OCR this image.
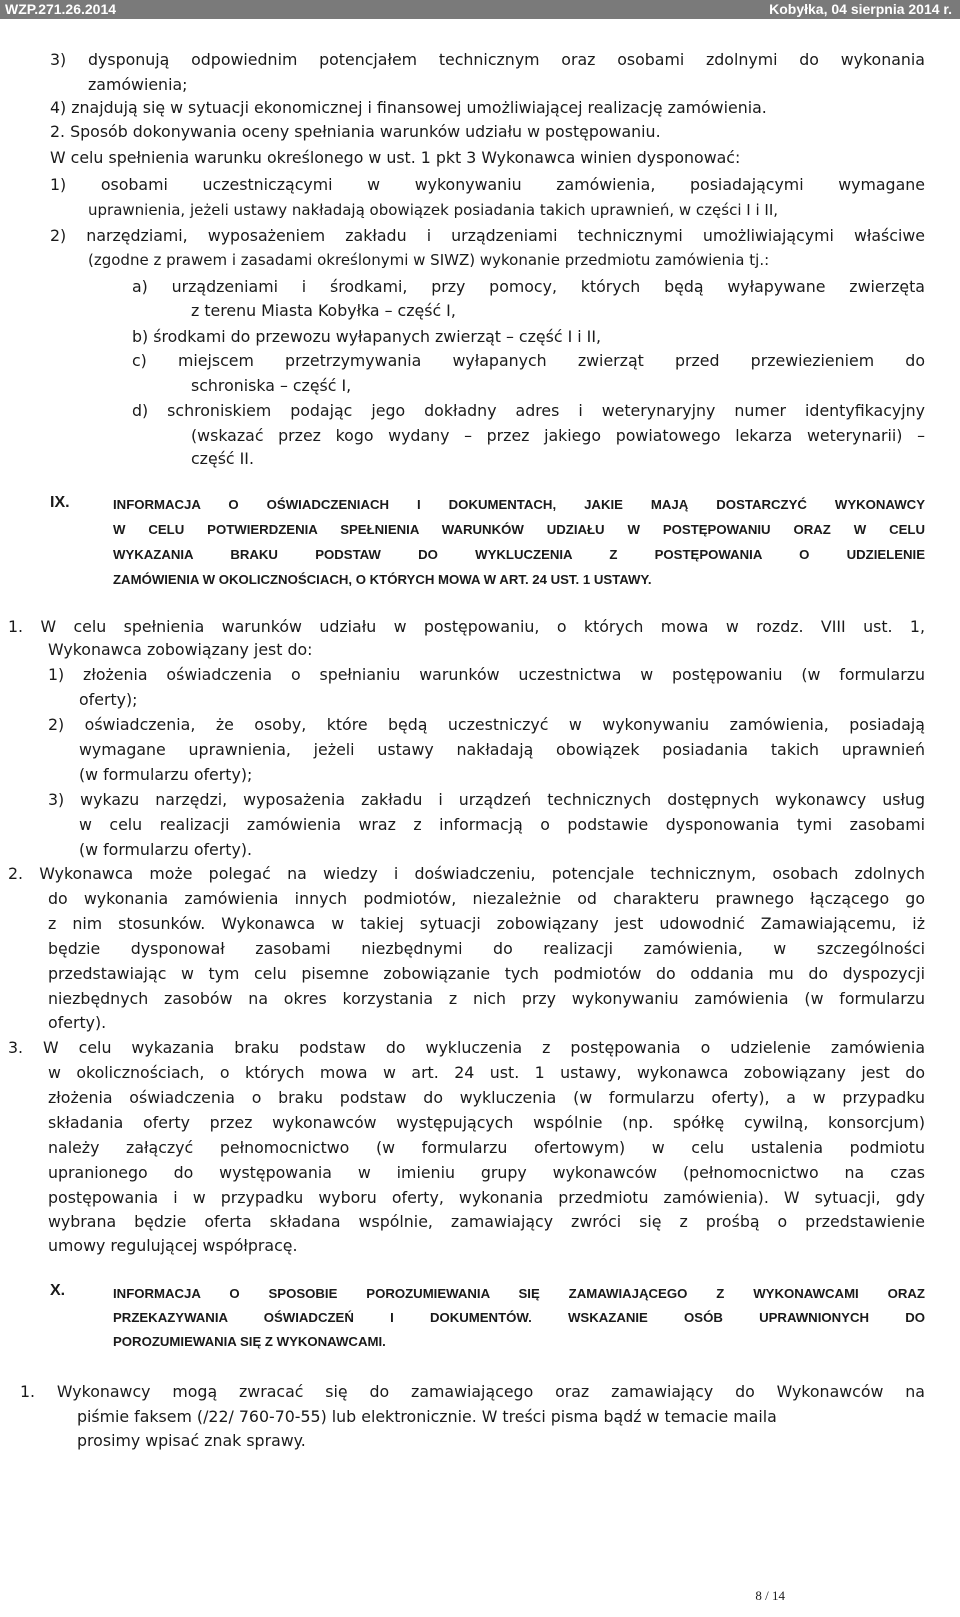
WZP.271.26.2014	Kobyłka, 04 sierpnia 2014 r.
3) dysponują odpowiednim potencjałem technicznym oraz osobami zdolnymi do wykonania
zamówienia;
4) znajdują się w sytuacji ekonomicznej i finansowej umożliwiającej realizację zamówienia.
2. Sposób dokonywania oceny spełniania warunków udziału w postępowaniu.
W celu spełnienia warunku określonego w ust. 1 pkt 3 Wykonawca winien dysponować:
1) osobami uczestniczącymi w wykonywaniu zamówienia, posiadającymi wymagane
uprawnienia, jeżeli ustawy nakładają obowiązek posiadania takich uprawnień, w części I i II,
2) narzędziami, wyposażeniem zakładu i urządzeniami technicznymi umożliwiającymi właściwe
(zgodne z prawem i zasadami określonymi w SIWZ) wykonanie przedmiotu zamówienia tj.:
a) urządzeniami i środkami, przy pomocy, których będą wyłapywane zwierzęta
z terenu Miasta Kobyłka – część I,
b) środkami do przewozu wyłapanych zwierząt – część I i II,
c) miejscem przetrzymywania wyłapanych zwierząt przed przewiezieniem do
schroniska – część I,
d) schroniskiem podając jego dokładny adres i weterynaryjny numer identyfikacyjny
(wskazać przez kogo wydany – przez jakiego powiatowego lekarza weterynarii) –
część II.
IX.	INFORMACJA O OŚWIADCZENIACH I DOKUMENTACH, JAKIE MAJĄ DOSTARCZYĆ WYKONAWCY
W CELU POTWIERDZENIA SPEŁNIENIA WARUNKÓW UDZIAŁU W POSTĘPOWANIU ORAZ W CELU
WYKAZANIA BRAKU PODSTAW DO WYKLUCZENIA Z POSTĘPOWANIA O UDZIELENIE
ZAMÓWIENIA W OKOLICZNOŚCIACH, O KTÓRYCH MOWA W ART. 24 UST. 1 USTAWY.
1. W celu spełnienia warunków udziału w postępowaniu, o których mowa w rozdz. VIII ust. 1,
Wykonawca zobowiązany jest do:
1) złożenia oświadczenia o spełnianiu warunków uczestnictwa w postępowaniu (w formularzu
oferty);
2) oświadczenia, że osoby, które będą uczestniczyć w wykonywaniu zamówienia, posiadają
wymagane uprawnienia, jeżeli ustawy nakładają obowiązek posiadania takich uprawnień
(w formularzu oferty);
3) wykazu narzędzi, wyposażenia zakładu i urządzeń technicznych dostępnych wykonawcy usług
w celu realizacji zamówienia wraz z informacją o podstawie dysponowania tymi zasobami
(w formularzu oferty).
2. Wykonawca może polegać na wiedzy i doświadczeniu, potencjale technicznym, osobach zdolnych
do wykonania zamówienia innych podmiotów, niezależnie od charakteru prawnego łączącego go
z nim stosunków. Wykonawca w takiej sytuacji zobowiązany jest udowodnić Zamawiającemu, iż
będzie dysponował zasobami niezbędnymi do realizacji zamówienia, w szczególności
przedstawiając w tym celu pisemne zobowiązanie tych podmiotów do oddania mu do dyspozycji
niezbędnych zasobów na okres korzystania z nich przy wykonywaniu zamówienia (w formularzu
oferty).
3. W celu wykazania braku podstaw do wykluczenia z postępowania o udzielenie zamówienia
w okolicznościach, o których mowa w art. 24 ust. 1 ustawy, wykonawca zobowiązany jest do
złożenia oświadczenia o braku podstaw do wykluczenia (w formularzu oferty), a w przypadku
składania oferty przez wykonawców występujących wspólnie (np. spółkę cywilną, konsorcjum)
należy załączyć pełnomocnictwo (w formularzu ofertowym) w celu ustalenia podmiotu
upranionego do występowania w imieniu grupy wykonawców (pełnomocnictwo na czas
postępowania i w przypadku wyboru oferty, wykonania przedmiotu zamówienia). W sytuacji, gdy
wybrana będzie oferta składana wspólnie, zamawiający zwróci się z prośbą o przedstawienie
umowy regulującej współpracę.
X.	INFORMACJA O SPOSOBIE POROZUMIEWANIA SIĘ ZAMAWIAJĄCEGO Z WYKONAWCAMI ORAZ
PRZEKAZYWANIA OŚWIADCZEŃ I DOKUMENTÓW. WSKAZANIE OSÓB UPRAWNIONYCH DO
POROZUMIEWANIA SIĘ Z WYKONAWCAMI.
1. Wykonawcy mogą zwracać się do zamawiającego oraz zamawiający do Wykonawców na
piśmie faksem (/22/ 760-70-55) lub elektronicznie. W treści pisma bądź w temacie maila
prosimy wpisać znak sprawy.
8 / 14
